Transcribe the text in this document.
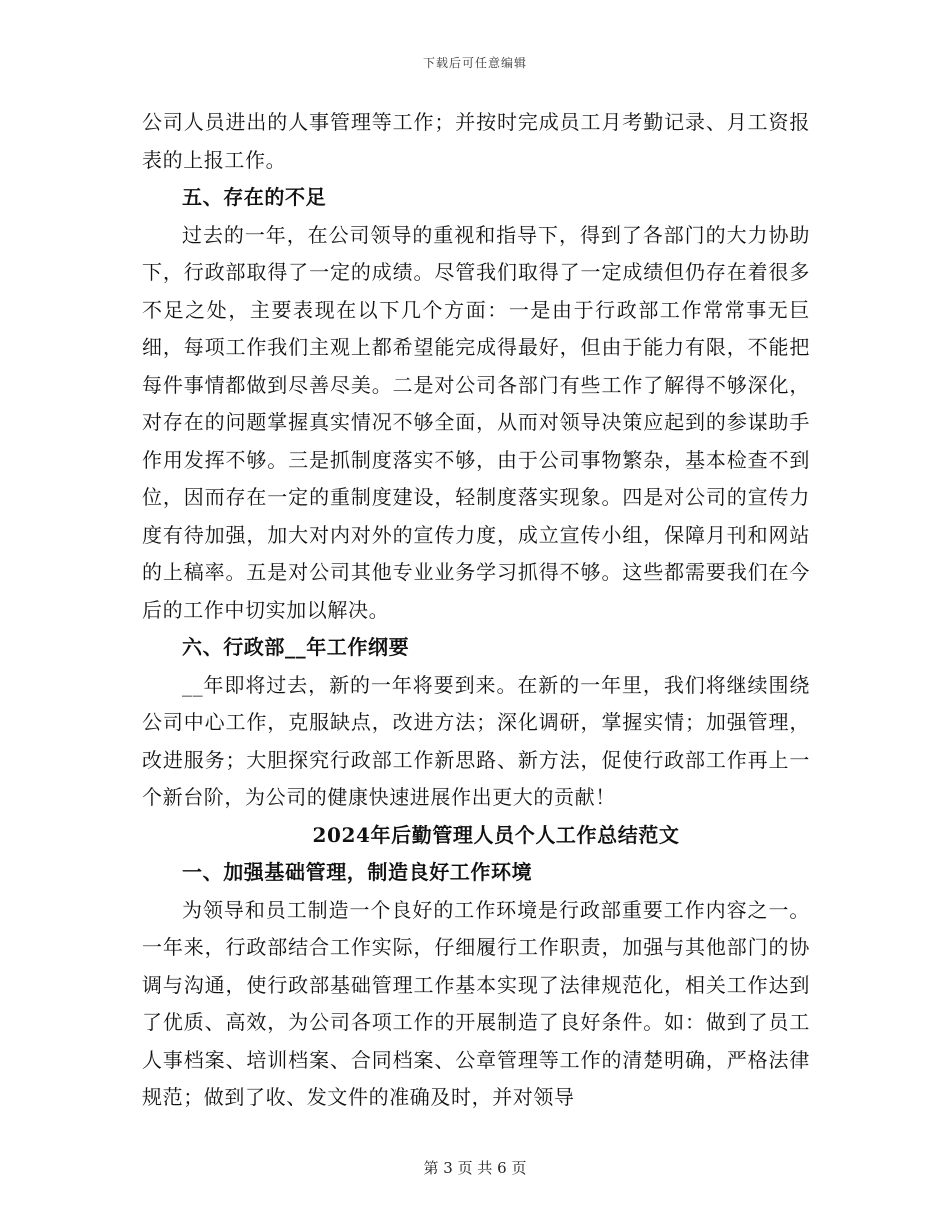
下载后可任意编辑

公司人员进出的人事管理等工作；并按时完成员工月考勤记录、月工资报表的上报工作。

五、存在的不足

过去的一年，在公司领导的重视和指导下，得到了各部门的大力协助下，行政部取得了一定的成绩。尽管我们取得了一定成绩但仍存在着很多不足之处，主要表现在以下几个方面：一是由于行政部工作常常事无巨细，每项工作我们主观上都希望能完成得最好，但由于能力有限，不能把每件事情都做到尽善尽美。二是对公司各部门有些工作了解得不够深化，对存在的问题掌握真实情况不够全面，从而对领导决策应起到的参谋助手作用发挥不够。三是抓制度落实不够，由于公司事物繁杂，基本检查不到位，因而存在一定的重制度建设，轻制度落实现象。四是对公司的宣传力度有待加强，加大对内对外的宣传力度，成立宣传小组，保障月刊和网站的上稿率。五是对公司其他专业业务学习抓得不够。这些都需要我们在今后的工作中切实加以解决。

六、行政部__年工作纲要

__年即将过去，新的一年将要到来。在新的一年里，我们将继续围绕公司中心工作，克服缺点，改进方法；深化调研，掌握实情；加强管理，改进服务；大胆探究行政部工作新思路、新方法，促使行政部工作再上一个新台阶，为公司的健康快速进展作出更大的贡献！

2024年后勤管理人员个人工作总结范文

一、加强基础管理，制造良好工作环境

为领导和员工制造一个良好的工作环境是行政部重要工作内容之一。一年来，行政部结合工作实际，仔细履行工作职责，加强与其他部门的协调与沟通，使行政部基础管理工作基本实现了法律规范化，相关工作达到了优质、高效，为公司各项工作的开展制造了良好条件。如：做到了员工人事档案、培训档案、合同档案、公章管理等工作的清楚明确，严格法律规范；做到了收、发文件的准确及时，并对领导

第 3 页 共 6 页
